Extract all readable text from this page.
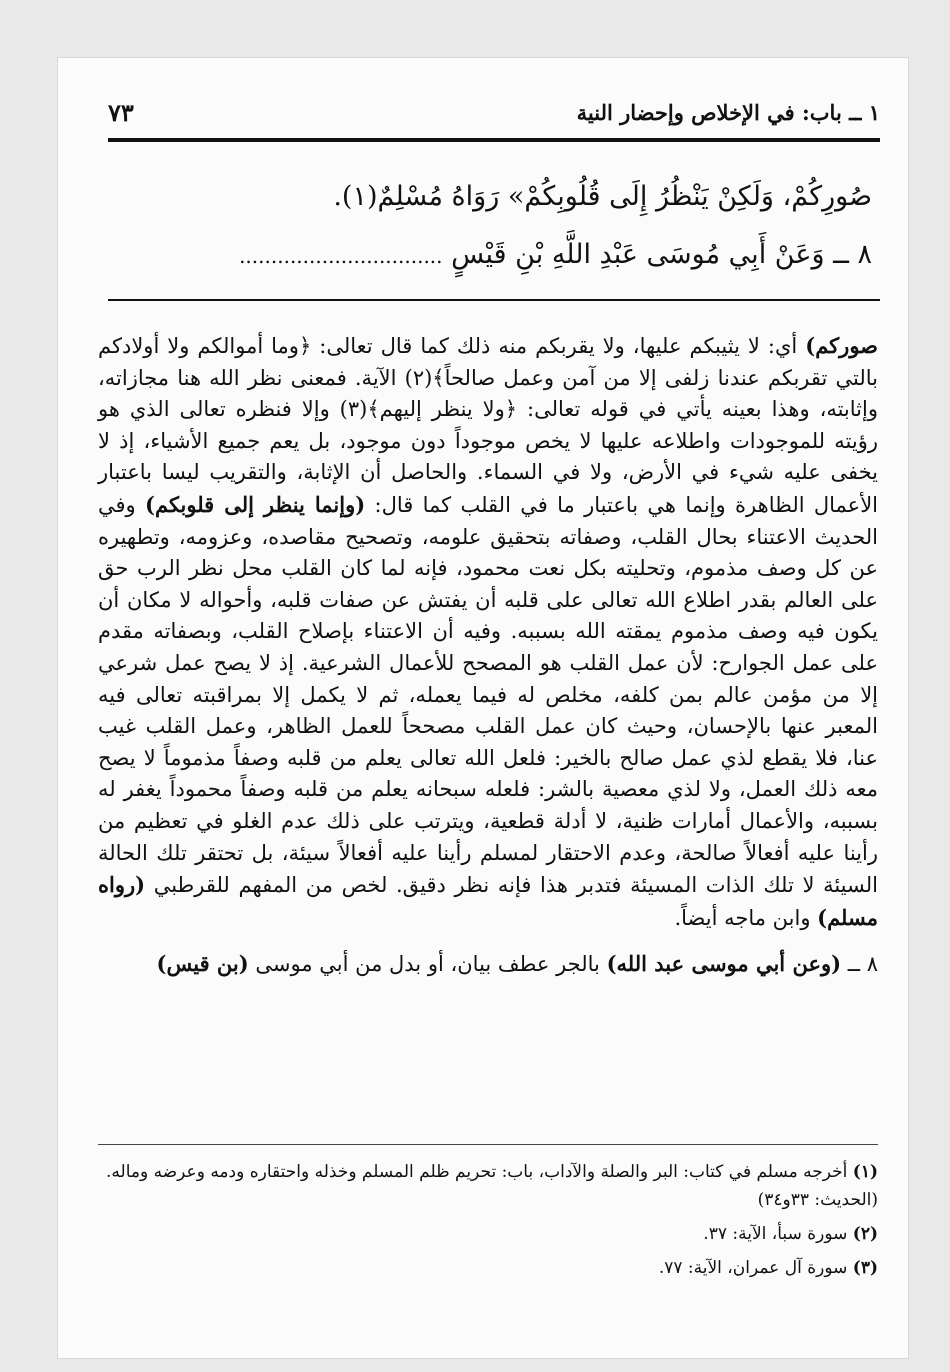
١ ــ باب: في الإخلاص وإحضار النية
٧٣

صُورِكُمْ، وَلَكِنْ يَنْظُرُ إِلَى قُلُوبِكُمْ» رَوَاهُ مُسْلِمٌ(١).

٨ ــ وَعَنْ أَبِي مُوسَى عَبْدِ اللَّهِ بْنِ قَيْسٍ ................................

صوركم) أي: لا يثيبكم عليها، ولا يقربكم منه ذلك كما قال تعالى: ﴿وما أموالكم ولا أولادكم بالتي تقربكم عندنا زلفى إلا من آمن وعمل صالحاً﴾(٢) الآية. فمعنى نظر الله هنا مجازاته، وإثابته، وهذا بعينه يأتي في قوله تعالى: ﴿ولا ينظر إليهم﴾(٣) وإلا فنظره تعالى الذي هو رؤيته للموجودات واطلاعه عليها لا يخص موجوداً دون موجود، بل يعم جميع الأشياء، إذ لا يخفى عليه شيء في الأرض، ولا في السماء. والحاصل أن الإثابة، والتقريب ليسا باعتبار الأعمال الظاهرة وإنما هي باعتبار ما في القلب كما قال: (وإنما ينظر إلى قلوبكم) وفي الحديث الاعتناء بحال القلب، وصفاته بتحقيق علومه، وتصحيح مقاصده، وعزومه، وتطهيره عن كل وصف مذموم، وتحليته بكل نعت محمود، فإنه لما كان القلب محل نظر الرب حق على العالم بقدر اطلاع الله تعالى على قلبه أن يفتش عن صفات قلبه، وأحواله لا مكان أن يكون فيه وصف مذموم يمقته الله بسببه. وفيه أن الاعتناء بإصلاح القلب، وبصفاته مقدم على عمل الجوارح: لأن عمل القلب هو المصحح للأعمال الشرعية. إذ لا يصح عمل شرعي إلا من مؤمن عالم بمن كلفه، مخلص له فيما يعمله، ثم لا يكمل إلا بمراقبته تعالى فيه المعبر عنها بالإحسان، وحيث كان عمل القلب مصححاً للعمل الظاهر، وعمل القلب غيب عنا، فلا يقطع لذي عمل صالح بالخير: فلعل الله تعالى يعلم من قلبه وصفاً مذموماً لا يصح معه ذلك العمل، ولا لذي معصية بالشر: فلعله سبحانه يعلم من قلبه وصفاً محموداً يغفر له بسببه، والأعمال أمارات ظنية، لا أدلة قطعية، ويترتب على ذلك عدم الغلو في تعظيم من رأينا عليه أفعالاً صالحة، وعدم الاحتقار لمسلم رأينا عليه أفعالاً سيئة، بل تحتقر تلك الحالة السيئة لا تلك الذات المسيئة فتدبر هذا فإنه نظر دقيق. لخص من المفهم للقرطبي (رواه مسلم) وابن ماجه أيضاً.

٨ ــ (وعن أبي موسى عبد الله) بالجر عطف بيان، أو بدل من أبي موسى (بن قيس)

(١) أخرجه مسلم في كتاب: البر والصلة والآداب، باب: تحريم ظلم المسلم وخذله واحتقاره ودمه وعرضه وماله. (الحديث: ٣٣و٣٤)

(٢) سورة سبأ، الآية: ٣٧.

(٣) سورة آل عمران، الآية: ٧٧.
